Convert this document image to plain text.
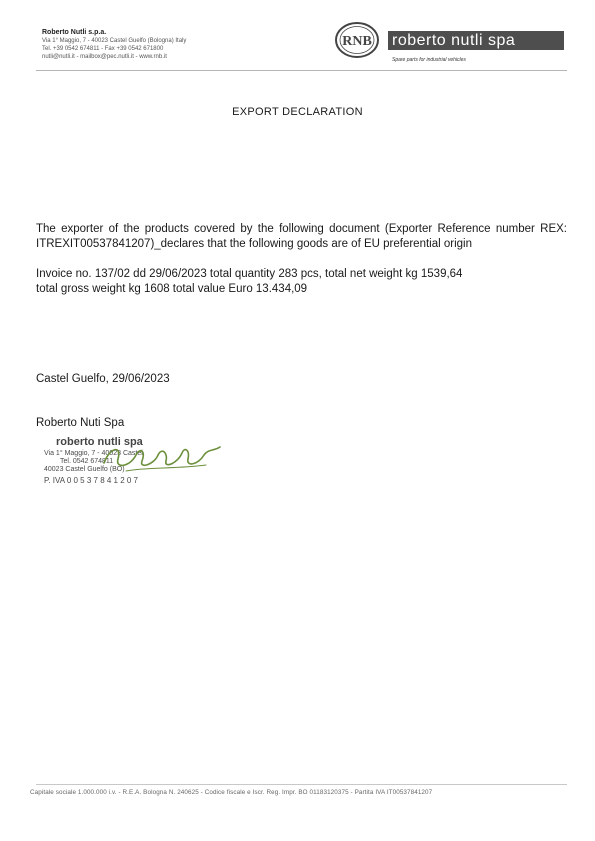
Roberto Nutli s.p.a.
Via 1° Maggio, 7 - 40023 Castel Guelfo (Bologna) Italy
Tel. +39 0542 674811 - Fax +39 0542 671800
nutli@nutli.it - mailbox@pec.nutli.it - www.rnb.it
RNB roberto nutli spa
Spare parts for industrial vehicles
EXPORT DECLARATION
The exporter of the products covered by the following document (Exporter Reference number REX: ITREXIT00537841207)_declares that the following goods are of EU preferential origin
Invoice no. 137/02 dd 29/06/2023 total quantity 283 pcs, total net weight kg 1539,64
total gross weight kg 1608 total value Euro 13.434,09
Castel Guelfo, 29/06/2023
Roberto Nuti Spa
roberto nutli spa
Via 1° Maggio, 7 - 40023 Castel
Tel. 0542 674811
40023 Castel Guelfo (BO)
P. IVA 0 0 5 3 7 8 4 1 2 0 7
Capitale sociale 1.000.000 i.v. - R.E.A. Bologna N. 240625 - Codice fiscale e Iscr. Reg. Impr. BO 01183120375 - Partita IVA IT00537841207
